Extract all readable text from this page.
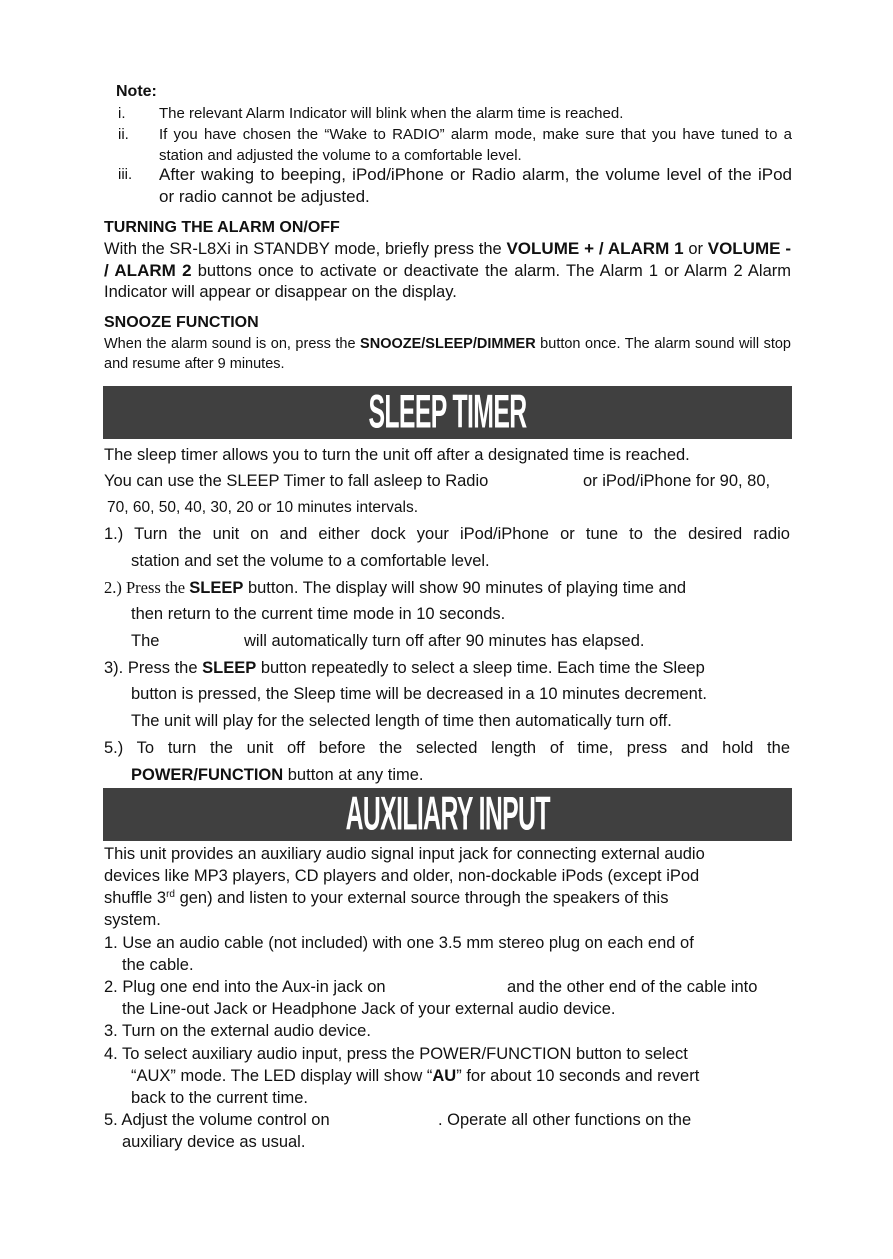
Note:
i. The relevant Alarm Indicator will blink when the alarm time is reached.
ii. If you have chosen the “Wake to RADIO” alarm mode, make sure that you have tuned to a station and adjusted the volume to a comfortable level.
iii. After waking to beeping, iPod/iPhone or Radio alarm, the volume level of the iPod or radio cannot be adjusted.
TURNING THE ALARM ON/OFF
With the SR-L8Xi in STANDBY mode, briefly press the VOLUME + / ALARM 1 or VOLUME - / ALARM 2 buttons once to activate or deactivate the alarm. The Alarm 1 or Alarm 2 Alarm Indicator will appear or disappear on the display.
SNOOZE FUNCTION
When the alarm sound is on, press the SNOOZE/SLEEP/DIMMER button once. The alarm sound will stop and resume after 9 minutes.
SLEEP TIMER
The sleep timer allows you to turn the unit off after a designated time is reached.
You can use the SLEEP Timer to fall asleep to Radio	or iPod/iPhone for 90, 80,
70, 60, 50, 40, 30, 20 or 10 minutes intervals.
1.) Turn the unit on and either dock your iPod/iPhone or tune to the desired radio
station and set the volume to a comfortable level.
2.) Press the SLEEP button. The display will show 90 minutes of playing time and
then return to the current time mode in 10 seconds.
The	will automatically turn off after 90 minutes has elapsed.
3). Press the SLEEP button repeatedly to select a sleep time. Each time the Sleep
button is pressed, the Sleep time will be decreased in a 10 minutes decrement.
The unit will play for the selected length of time then automatically turn off.
5.) To turn the unit off before the selected length of time, press and hold the
POWER/FUNCTION button at any time.
AUXILIARY INPUT
This unit provides an auxiliary audio signal input jack for connecting external audio
devices like MP3 players, CD players and older, non-dockable iPods (except iPod
shuffle 3rd gen) and listen to your external source through the speakers of this
system.
1. Use an audio cable (not included) with one 3.5 mm stereo plug on each end of
the cable.
2. Plug one end into the Aux-in jack on	and the other end of the cable into
the Line-out Jack or Headphone Jack of your external audio device.
3. Turn on the external audio device.
4. To select auxiliary audio input, press the POWER/FUNCTION button to select
“AUX” mode. The LED display will show “AU” for about 10 seconds and revert
back to the current time.
5. Adjust the volume control on	. Operate all other functions on the
auxiliary device as usual.
